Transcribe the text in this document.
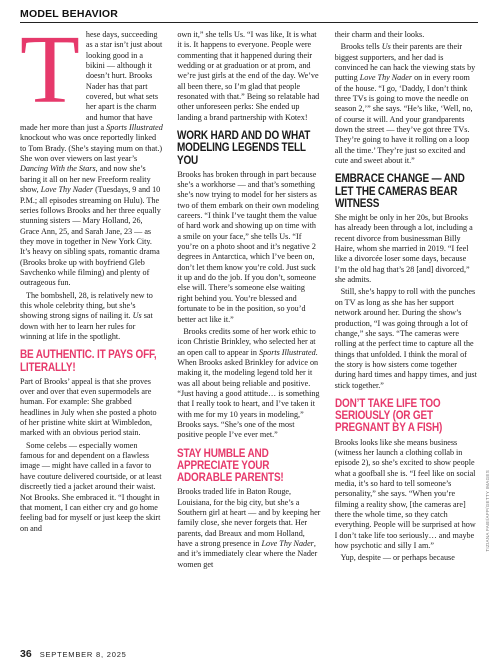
MODEL BEHAVIOR
T hese days, succeeding as a star isn’t just about looking good in a bikini — although it doesn’t hurt. Brooks Nader has that part covered, but what sets her apart is the charm and humor that have made her more than just a Sports Illustrated knockout who was once reportedly linked to Tom Brady. (She’s staying mum on that.) She won over viewers on last year’s Dancing With the Stars, and now she’s baring it all on her new Freeform reality show, Love Thy Nader (Tuesdays, 9 and 10 P.M.; all episodes streaming on Hulu). The series follows Brooks and her three equally stunning sisters — Mary Holland, 26, Grace Ann, 25, and Sarah Jane, 23 — as they move in together in New York City. It’s heavy on sibling spats, romantic drama (Brooks broke up with boyfriend Gleb Savchenko while filming) and plenty of outrageous fun.

The bombshell, 28, is relatively new to this whole celebrity thing, but she’s showing strong signs of nailing it. Us sat down with her to learn her rules for winning at life in the spotlight.

BE AUTHENTIC. IT PAYS OFF, LITERALLY!

Part of Brooks’ appeal is that she proves over and over that even supermodels are human. For example: She grabbed headlines in July when she posted a photo of her pristine white skirt at Wimbledon, marked with an obvious period stain.

Some celebs — especially women famous for and dependent on a flawless image — might have called in a favor to have couture delivered courtside, or at least discreetly tied a jacket around their waist. Not Brooks. She embraced it. “I thought in that moment, I can either cry and go home feeling bad for myself or just keep the skirt on and

own it,” she tells Us. “I was like, It is what it is. It happens to everyone. People were commenting that it happened during their wedding or at graduation or at prom, and we’re just girls at the end of the day. We’ve all been there, so I’m glad that people resonated with that.” Being so relatable had other unforeseen perks: She ended up landing a brand partnership with Kotex!

WORK HARD AND DO WHAT MODELING LEGENDS TELL YOU

Brooks has broken through in part because she’s a workhorse — and that’s something she’s now trying to model for her sisters as two of them embark on their own modeling careers. “I think I’ve taught them the value of hard work and showing up on time with a smile on your face,” she tells Us. “If you’re on a photo shoot and it’s negative 2 degrees in Antarctica, which I’ve been on, don’t let them know you’re cold. Just suck it up and do the job. If you don’t, someone else will. There’s someone else waiting right behind you. You’re blessed and fortunate to be in the position, so you’d better act like it.”

Brooks credits some of her work ethic to icon Christie Brinkley, who selected her at an open call to appear in Sports Illustrated. When Brooks asked Brinkley for advice on making it, the modeling legend told her it was all about being reliable and positive. “Just having a good attitude… is something that I really took to heart, and I’ve taken it with me for my 10 years in modeling,” Brooks says. “She’s one of the most positive people I’ve ever met.”

STAY HUMBLE AND APPRECIATE YOUR ADORABLE PARENTS!

Brooks traded life in Baton Rouge, Louisiana, for the big city, but she’s a Southern girl at heart — and by keeping her family close, she never forgets that. Her parents, dad Breaux and mom Holland, have a strong presence in Love Thy Nader, and it’s immediately clear where the Nader women get

their charm and their looks.

Brooks tells Us their parents are their biggest supporters, and her dad is convinced he can hack the viewing stats by putting Love Thy Nader on in every room of the house. “I go, ‘Daddy, I don’t think three TVs is going to move the needle on season 2,’” she says. “He’s like, ‘Well, no, of course it will. And your grandparents down the street — they’ve got three TVs. They’re going to have it rolling on a loop all the time.’ They’re just so excited and cute and sweet about it.”

EMBRACE CHANGE — AND LET THE CAMERAS BEAR WITNESS

She might be only in her 20s, but Brooks has already been through a lot, including a recent divorce from businessman Billy Haire, whom she married in 2019. “I feel like a divorcée loser some days, because I’m the old hag that’s 28 [and] divorced,” she admits.

Still, she’s happy to roll with the punches on TV as long as she has her support network around her. During the show’s production, “I was going through a lot of change,” she says. “The cameras were rolling at the perfect time to capture all the things that unfolded. I think the moral of the story is how sisters come together during hard times and happy times, and just stick together.”

DON’T TAKE LIFE TOO SERIOUSLY (OR GET PREGNANT BY A FISH)

Brooks looks like she means business (witness her launch a clothing collab in episode 2), so she’s excited to show people what a goofball she is. “I feel like on social media, it’s so hard to tell someone’s personality,” she says. “When you’re filming a reality show, [the cameras are] there the whole time, so they catch everything. People will be surprised at how I don’t take life too seriously… and maybe how psychotic and silly I am.”

Yup, despite — or perhaps because

TIZIANA FABI/AFP/GETTY IMAGES
36 SEPTEMBER 8, 2025
